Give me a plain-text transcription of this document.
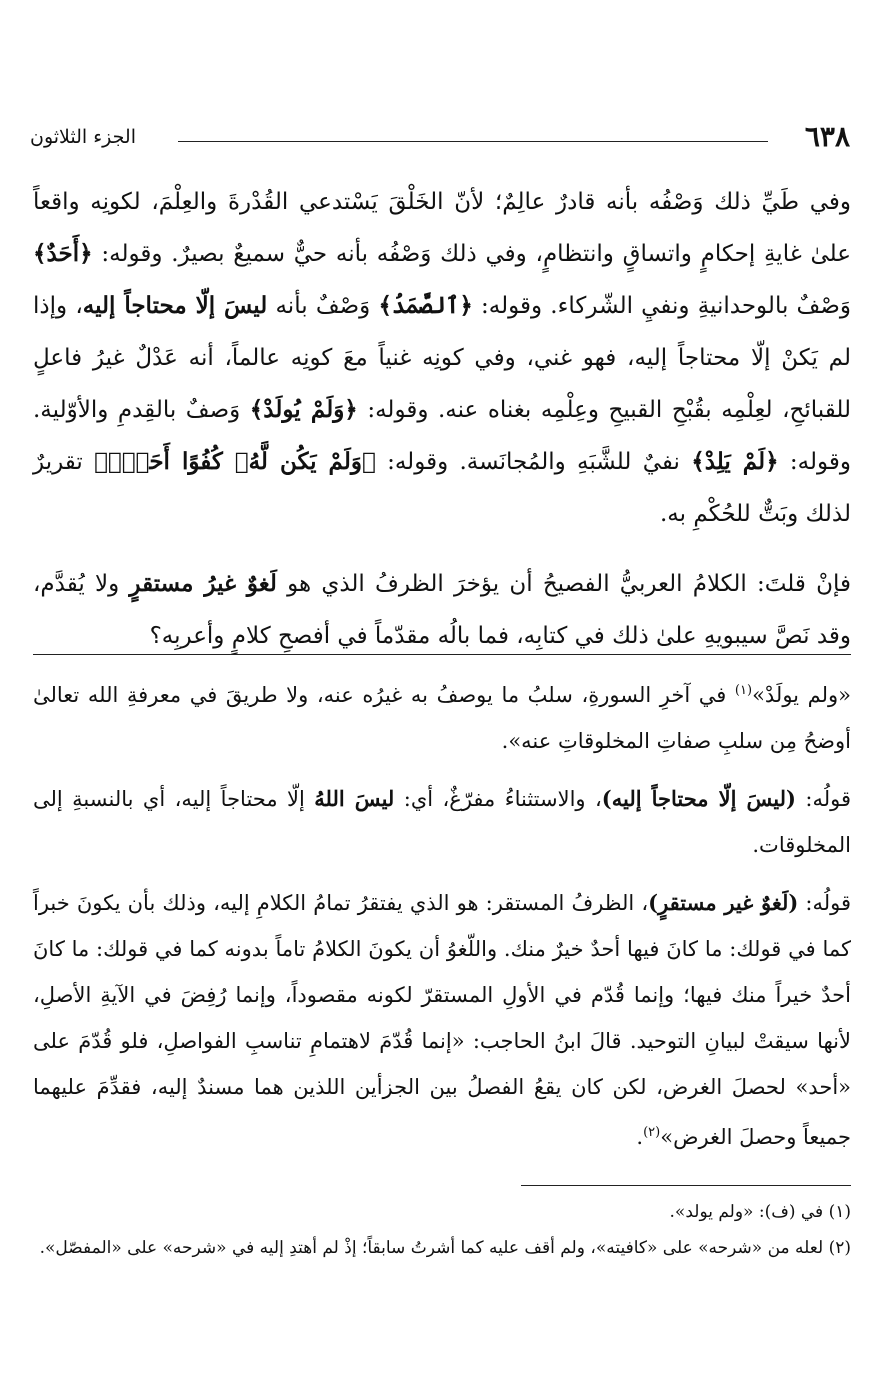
٦٣٨
الجزء الثلاثون

وفي طَيِّ ذلك وَصْفُه بأنه قادرٌ عالِمٌ؛ لأنّ الخَلْقَ يَسْتدعي القُدْرةَ والعِلْمَ، لكونِه واقعاً علىٰ غايةِ إحكامٍ واتساقٍ وانتظامٍ، وفي ذلك وَصْفُه بأنه حيٌّ سميعٌ بصيرٌ. وقوله: ﴿أَحَدٌ﴾ وَصْفٌ بالوحدانيةِ ونفيِ الشّركاء. وقوله: ﴿ٱلصَّمَدُ﴾ وَصْفٌ بأنه ليسَ إلّا محتاجاً إليه، وإذا لم يَكنْ إلّا محتاجاً إليه، فهو غني، وفي كونِه غنياً معَ كونِه عالماً، أنه عَدْلٌ غيرُ فاعلٍ للقبائحِ، لعِلْمِه بقُبْحِ القبيحِ وعِلْمِه بغناه عنه. وقوله: ﴿وَلَمْ يُولَدْ﴾ وَصفٌ بالقِدمِ والأوّلية. وقوله: ﴿لَمْ يَلِدْ﴾ نفيٌ للشَّبَهِ والمُجانَسة. وقوله: ﴿وَلَمْ يَكُن لَّهُۥ كُفُوًا أَحَدٌۢ﴾ تقريرٌ لذلك وبَتٌّ للحُكْمِ به.

فإنْ قلتَ: الكلامُ العربيُّ الفصيحُ أن يؤخرَ الظرفُ الذي هو لَغوٌ غيرُ مستقرٍ ولا يُقدَّم، وقد نَصَّ سيبويهِ علىٰ ذلك في كتابِه، فما بالُه مقدّماً في أفصحِ كلامٍ وأعربِه؟

«ولم يولَدْ»$^{(١)}$ في آخرِ السورةِ، سلبُ ما يوصفُ به غيرُه عنه، ولا طريقَ في معرفةِ الله تعالىٰ أوضحُ مِن سلبِ صفاتِ المخلوقاتِ عنه».

قولُه: (ليسَ إلّا محتاجاً إليه)، والاستثناءُ مفرّغٌ، أي: ليسَ اللهُ إلّا محتاجاً إليه، أي بالنسبةِ إلى المخلوقات.

قولُه: (لَغوٌ غير مستقرٍ)، الظرفُ المستقر: هو الذي يفتقرُ تمامُ الكلامِ إليه، وذلك بأن يكونَ خبراً كما في قولك: ما كانَ فيها أحدٌ خيرٌ منك. واللّغوُ أن يكونَ الكلامُ تاماً بدونه كما في قولك: ما كانَ أحدٌ خيراً منك فيها؛ وإنما قُدّم في الأولِ المستقرّ لكونه مقصوداً، وإنما رُفِضَ في الآيةِ الأصلِ، لأنها سيقتْ لبيانِ التوحيد. قالَ ابنُ الحاجب: «إنما قُدّمَ لاهتمامِ تناسبِ الفواصلِ، فلو قُدّمَ على «أحد» لحصلَ الغرض، لكن كان يقعُ الفصلُ بين الجزأين اللذين هما مسندٌ إليه، فقدِّمَ عليهما جميعاً وحصلَ الغرض»$^{(٢)}$.

(١) في (ف): «ولم يولد».

(٢) لعله من «شرحه» على «كافيته»، ولم أقف عليه كما أشرتُ سابقاً؛ إذْ لم أهتدِ إليه في «شرحه» على «المفصّل».
